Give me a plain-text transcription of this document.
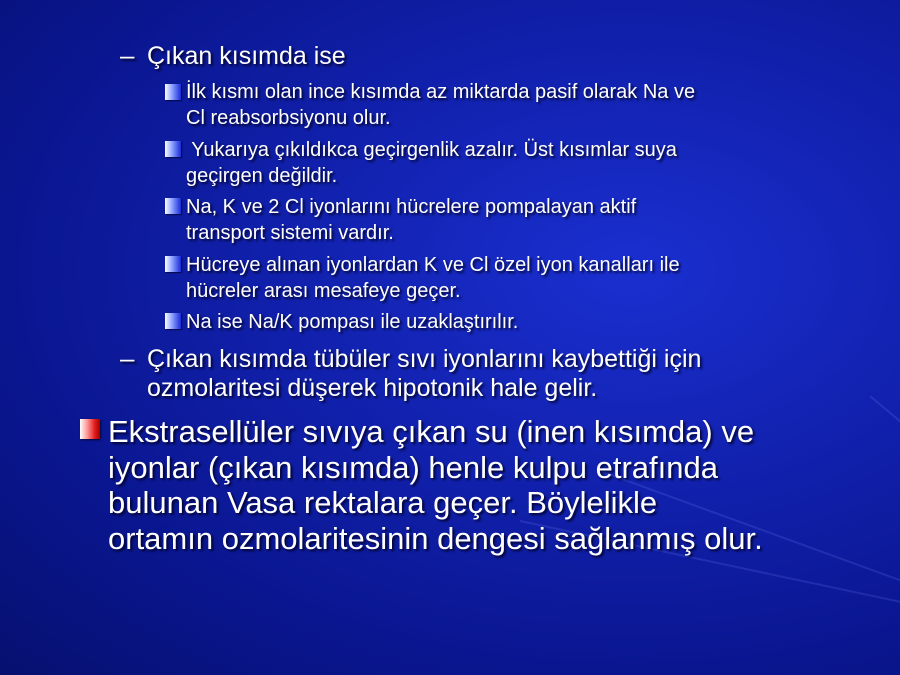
– Çıkan kısımda ise
İlk kısmı olan ince kısımda az miktarda pasif olarak Na ve
Cl reabsorbsiyonu olur.
Yukarıya çıkıldıkca geçirgenlik azalır. Üst kısımlar suya
geçirgen değildir.
Na, K ve 2 Cl iyonlarını hücrelere pompalayan aktif
transport sistemi vardır.
Hücreye alınan iyonlardan K ve Cl özel iyon kanalları ile
hücreler arası mesafeye geçer.
Na ise Na/K pompası ile uzaklaştırılır.
– Çıkan kısımda tübüler sıvı iyonlarını kaybettiği için
ozmolaritesi düşerek hipotonik hale gelir.
Ekstrasellüler sıvıya çıkan su (inen kısımda) ve
iyonlar (çıkan kısımda) henle kulpu etrafında
bulunan Vasa rektalara geçer. Böylelikle
ortamın ozmolaritesinin dengesi sağlanmış olur.
